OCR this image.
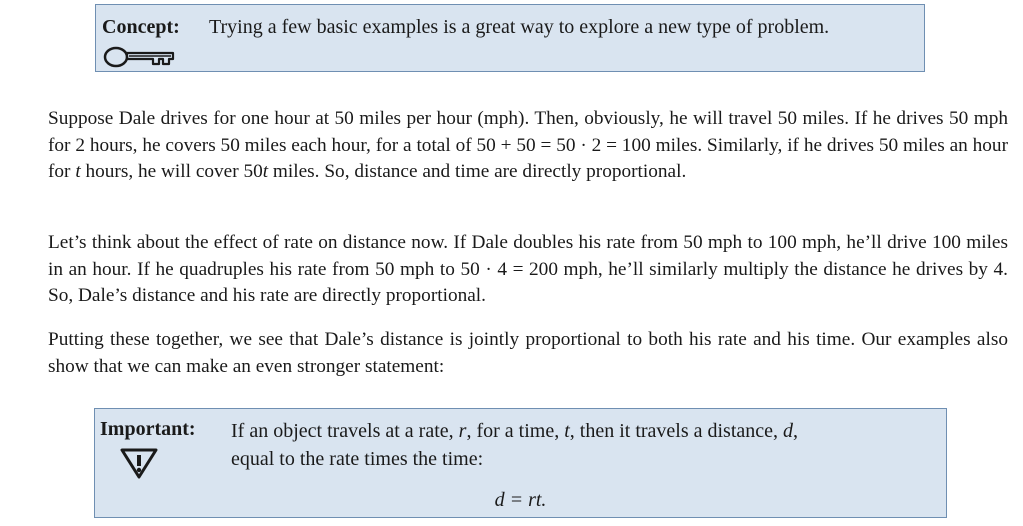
Concept: Trying a few basic examples is a great way to explore a new type of problem.

Suppose Dale drives for one hour at 50 miles per hour (mph). Then, obviously, he will travel 50 miles. If he drives 50 mph for 2 hours, he covers 50 miles each hour, for a total of 50 + 50 = 50 · 2 = 100 miles. Similarly, if he drives 50 miles an hour for t hours, he will cover 50t miles. So, distance and time are directly proportional.

Let’s think about the effect of rate on distance now. If Dale doubles his rate from 50 mph to 100 mph, he’ll drive 100 miles in an hour. If he quadruples his rate from 50 mph to 50 · 4 = 200 mph, he’ll similarly multiply the distance he drives by 4. So, Dale’s distance and his rate are directly proportional.

Putting these together, we see that Dale’s distance is jointly proportional to both his rate and his time. Our examples also show that we can make an even stronger statement:

Important: If an object travels at a rate, r, for a time, t, then it travels a distance, d,
equal to the rate times the time:
d = rt.
